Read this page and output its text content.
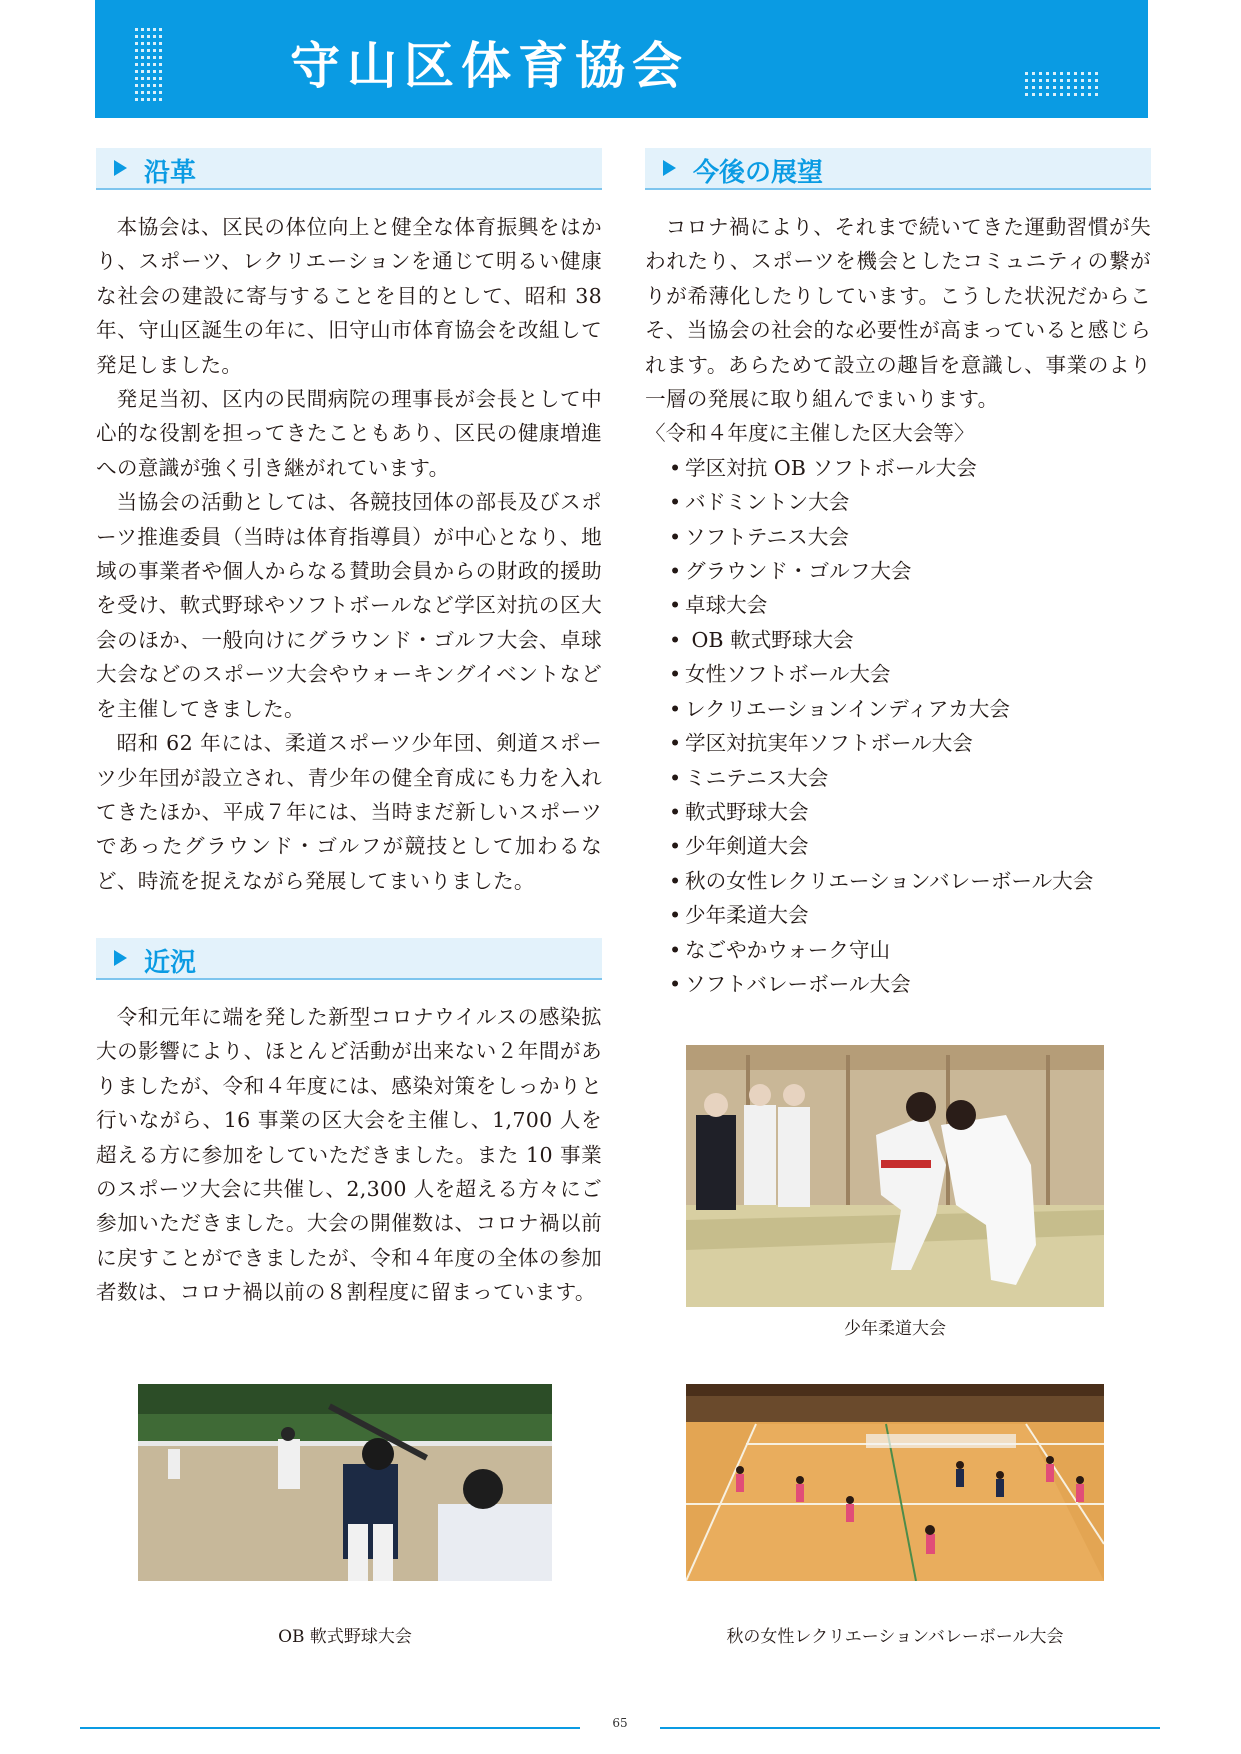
守山区体育協会
沿革

本協会は、区民の体位向上と健全な体育振興をはかり、スポーツ、レクリエーションを通じて明るい健康な社会の建設に寄与することを目的として、昭和 38 年、守山区誕生の年に、旧守山市体育協会を改組して発足しました。

発足当初、区内の民間病院の理事長が会長として中心的な役割を担ってきたこともあり、区民の健康増進への意識が強く引き継がれています。

当協会の活動としては、各競技団体の部長及びスポーツ推進委員（当時は体育指導員）が中心となり、地域の事業者や個人からなる賛助会員からの財政的援助を受け、軟式野球やソフトボールなど学区対抗の区大会のほか、一般向けにグラウンド・ゴルフ大会、卓球大会などのスポーツ大会やウォーキングイベントなどを主催してきました。

昭和 62 年には、柔道スポーツ少年団、剣道スポーツ少年団が設立され、青少年の健全育成にも力を入れてきたほか、平成７年には、当時まだ新しいスポーツであったグラウンド・ゴルフが競技として加わるなど、時流を捉えながら発展してまいりました。

近況

令和元年に端を発した新型コロナウイルスの感染拡大の影響により、ほとんど活動が出来ない２年間がありましたが、令和４年度には、感染対策をしっかりと行いながら、16 事業の区大会を主催し、1,700 人を超える方に参加をしていただきました。また 10 事業のスポーツ大会に共催し、2,300 人を超える方々にご参加いただきました。大会の開催数は、コロナ禍以前に戻すことができましたが、令和４年度の全体の参加者数は、コロナ禍以前の８割程度に留まっています。

今後の展望

コロナ禍により、それまで続いてきた運動習慣が失われたり、スポーツを機会としたコミュニティの繋がりが希薄化したりしています。こうした状況だからこそ、当協会の社会的な必要性が高まっていると感じられます。あらためて設立の趣旨を意識し、事業のより一層の発展に取り組んでまいります。

〈令和４年度に主催した区大会等〉

• 学区対抗 OB ソフトボール大会
• バドミントン大会
• ソフトテニス大会
• グラウンド・ゴルフ大会
• 卓球大会
• OB 軟式野球大会
• 女性ソフトボール大会
• レクリエーションインディアカ大会
• 学区対抗実年ソフトボール大会
• ミニテニス大会
• 軟式野球大会
• 少年剣道大会
• 秋の女性レクリエーションバレーボール大会
• 少年柔道大会
• なごやかウォーク守山
• ソフトバレーボール大会
少年柔道大会
OB 軟式野球大会	秋の女性レクリエーションバレーボール大会
65
